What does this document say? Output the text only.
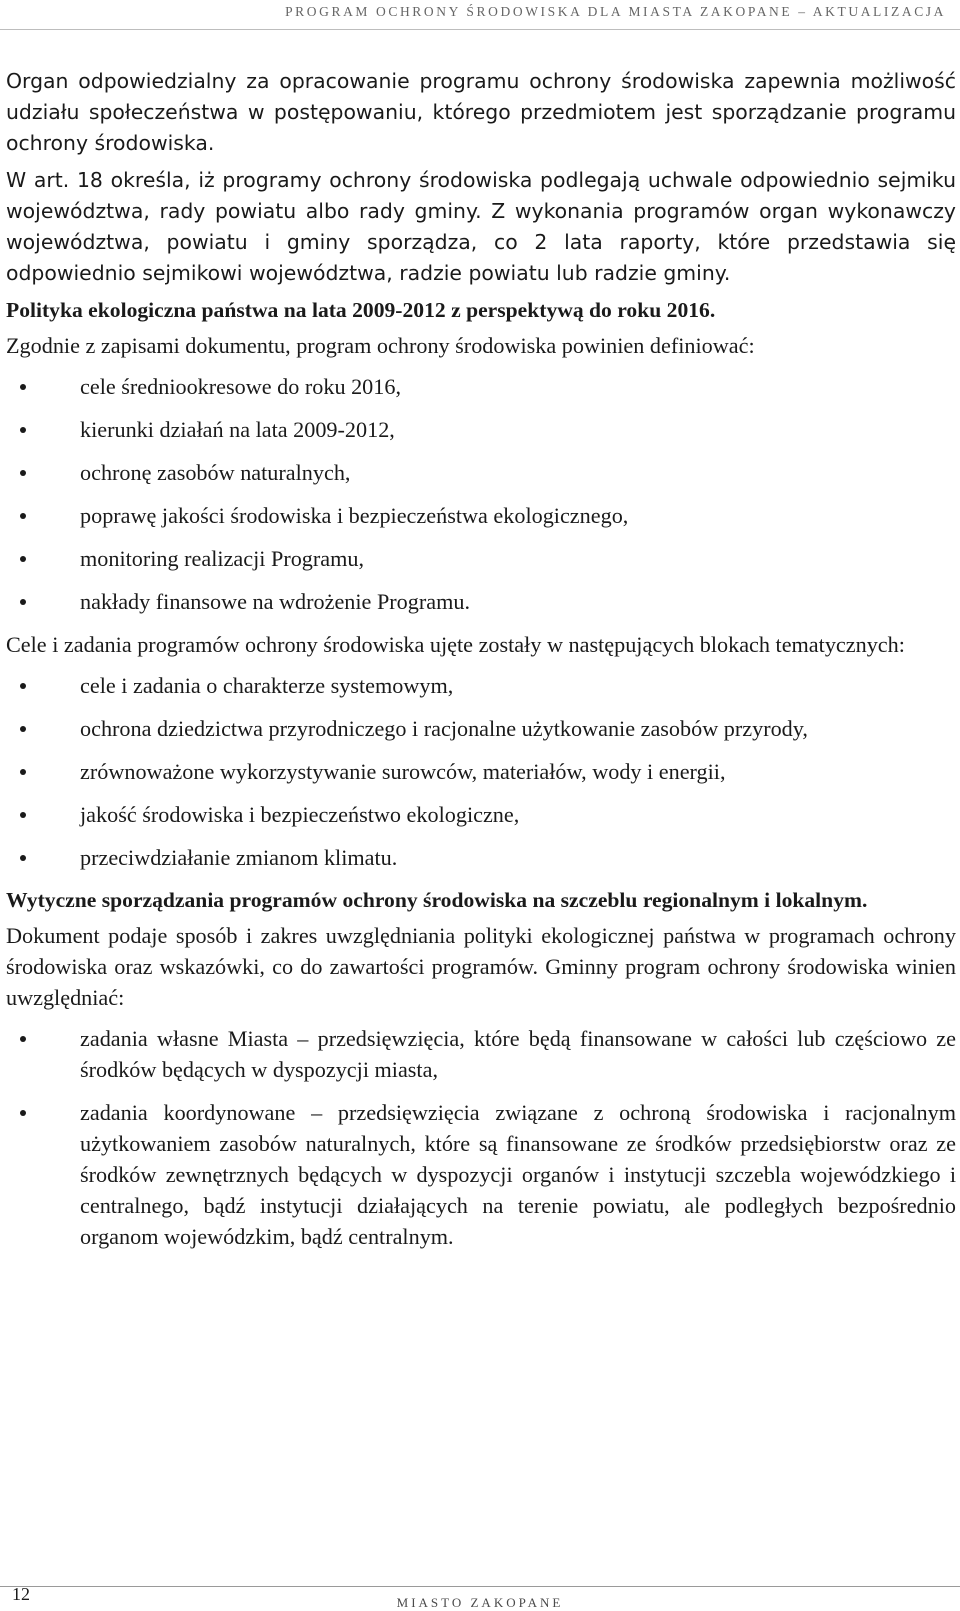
PROGRAM OCHRONY ŚRODOWISKA DLA MIASTA ZAKOPANE – AKTUALIZACJA

Organ odpowiedzialny za opracowanie programu ochrony środowiska zapewnia możliwość udziału społeczeństwa w postępowaniu, którego przedmiotem jest sporządzanie programu ochrony środowiska.

W art. 18 określa, iż programy ochrony środowiska podlegają uchwale odpowiednio sejmiku województwa, rady powiatu albo rady gminy. Z wykonania programów organ wykonawczy województwa, powiatu i gminy sporządza, co 2 lata raporty, które przedstawia się odpowiednio sejmikowi województwa, radzie powiatu lub radzie gminy.

Polityka ekologiczna państwa na lata 2009-2012 z perspektywą do roku 2016.

Zgodnie z zapisami dokumentu, program ochrony środowiska powinien definiować:

cele średniookresowe do roku 2016,
kierunki działań na lata 2009-2012,
ochronę zasobów naturalnych,
poprawę jakości środowiska i bezpieczeństwa ekologicznego,
monitoring realizacji Programu,
nakłady finansowe na wdrożenie Programu.

Cele i zadania programów ochrony środowiska ujęte zostały w następujących blokach tematycznych:

cele i zadania o charakterze systemowym,
ochrona dziedzictwa przyrodniczego i racjonalne użytkowanie zasobów przyrody,
zrównoważone wykorzystywanie surowców, materiałów, wody i energii,
jakość środowiska i bezpieczeństwo ekologiczne,
przeciwdziałanie zmianom klimatu.
Wytyczne sporządzania programów ochrony środowiska na szczeblu regionalnym i lokalnym.

Dokument podaje sposób i zakres uwzględniania polityki ekologicznej państwa w programach ochrony środowiska oraz wskazówki, co do zawartości programów. Gminny program ochrony środowiska winien uwzględniać:

zadania własne Miasta – przedsięwzięcia, które będą finansowane w całości lub częściowo ze środków będących w dyspozycji miasta,
zadania koordynowane – przedsięwzięcia związane z ochroną środowiska i racjonalnym użytkowaniem zasobów naturalnych, które są finansowane ze środków przedsiębiorstw oraz ze środków zewnętrznych będących w dyspozycji organów i instytucji szczebla wojewódzkiego i centralnego, bądź instytucji działających na terenie powiatu, ale podległych bezpośrednio organom wojewódzkim, bądź centralnym.
12	MIASTO ZAKOPANE
